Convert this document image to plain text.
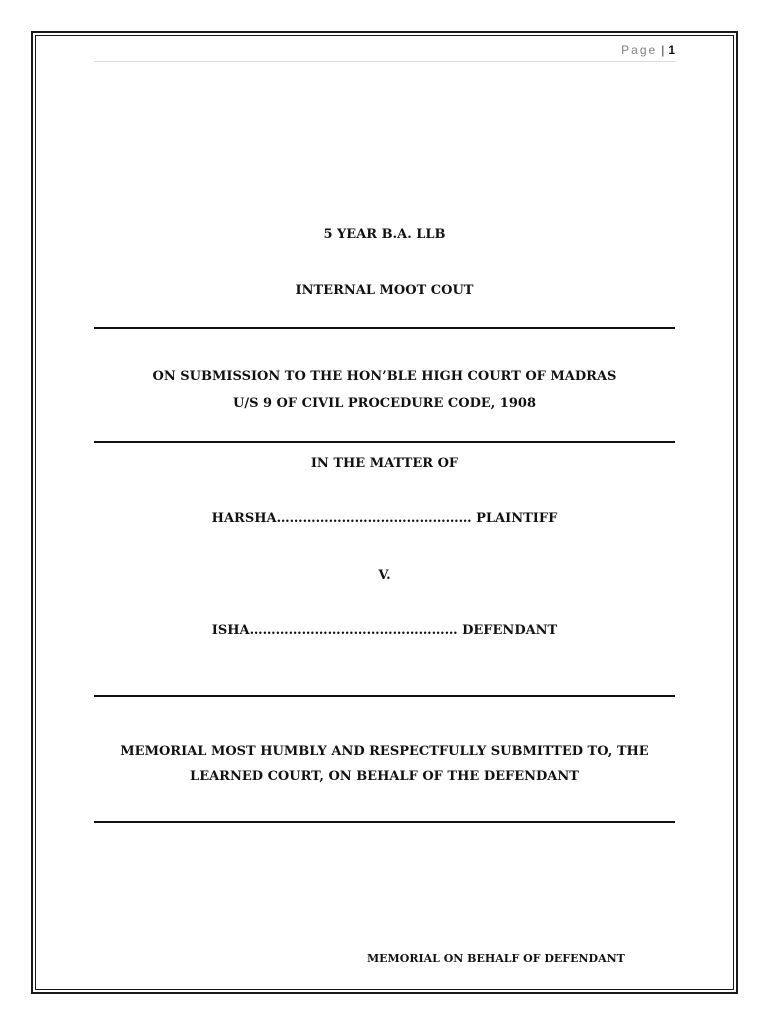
Page | 1
5 YEAR B.A. LLB
INTERNAL MOOT COUT
ON SUBMISSION TO THE HON’BLE HIGH COURT OF MADRAS
U/S 9 OF CIVIL PROCEDURE CODE, 1908
IN THE MATTER OF
HARSHA……………………………………… PLAINTIFF
V.
ISHA………………………………………… DEFENDANT
MEMORIAL MOST HUMBLY AND RESPECTFULLY SUBMITTED TO, THE
LEARNED COURT, ON BEHALF OF THE DEFENDANT
MEMORIAL ON BEHALF OF DEFENDANT
